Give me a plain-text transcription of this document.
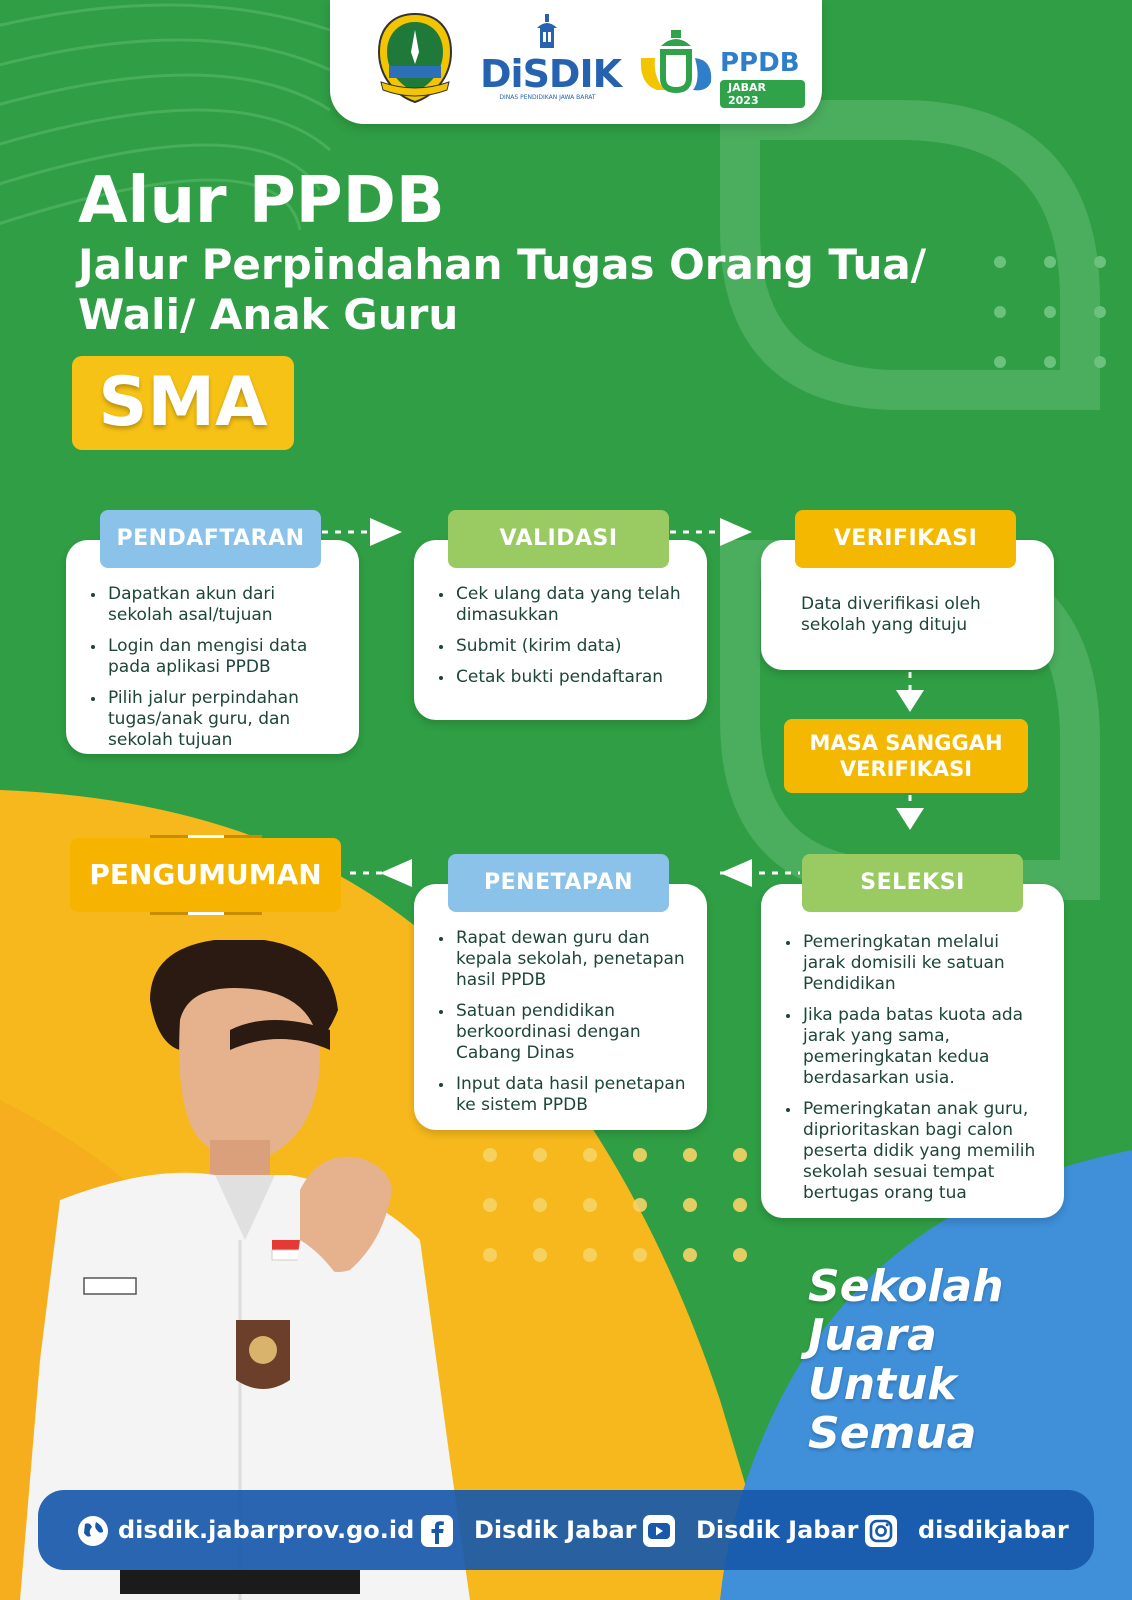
DiSDIK
DINAS PENDIDIKAN JAWA BARAT
PPDB
JABAR 2023
Alur PPDB
Jalur Perpindahan Tugas Orang Tua/
Wali/ Anak Guru
SMA
• Dapatkan akun dari sekolah asal/tujuan
• Login dan mengisi data pada aplikasi PPDB
• Pilih jalur perpindahan tugas/anak guru, dan sekolah tujuan
PENDAFTARAN
• Cek ulang data yang telah dimasukkan
• Submit (kirim data)
• Cetak bukti pendaftaran
VALIDASI
Data diverifikasi oleh sekolah yang dituju
VERIFIKASI
MASA SANGGAH
VERIFIKASI
• Pemeringkatan melalui jarak domisili ke satuan Pendidikan
• Jika pada batas kuota ada jarak yang sama, pemeringkatan kedua berdasarkan usia.
• Pemeringkatan anak guru, diprioritaskan bagi calon peserta didik yang memilih sekolah sesuai tempat bertugas orang tua
SELEKSI
• Rapat dewan guru dan kepala sekolah, penetapan hasil PPDB
• Satuan pendidikan berkoordinasi dengan Cabang Dinas
• Input data hasil penetapan ke sistem PPDB
PENETAPAN
PENGUMUMAN
Sekolah
Juara
Untuk
Semua
disdik.jabarprov.go.id Disdik Jabar Disdik Jabar disdikjabar
